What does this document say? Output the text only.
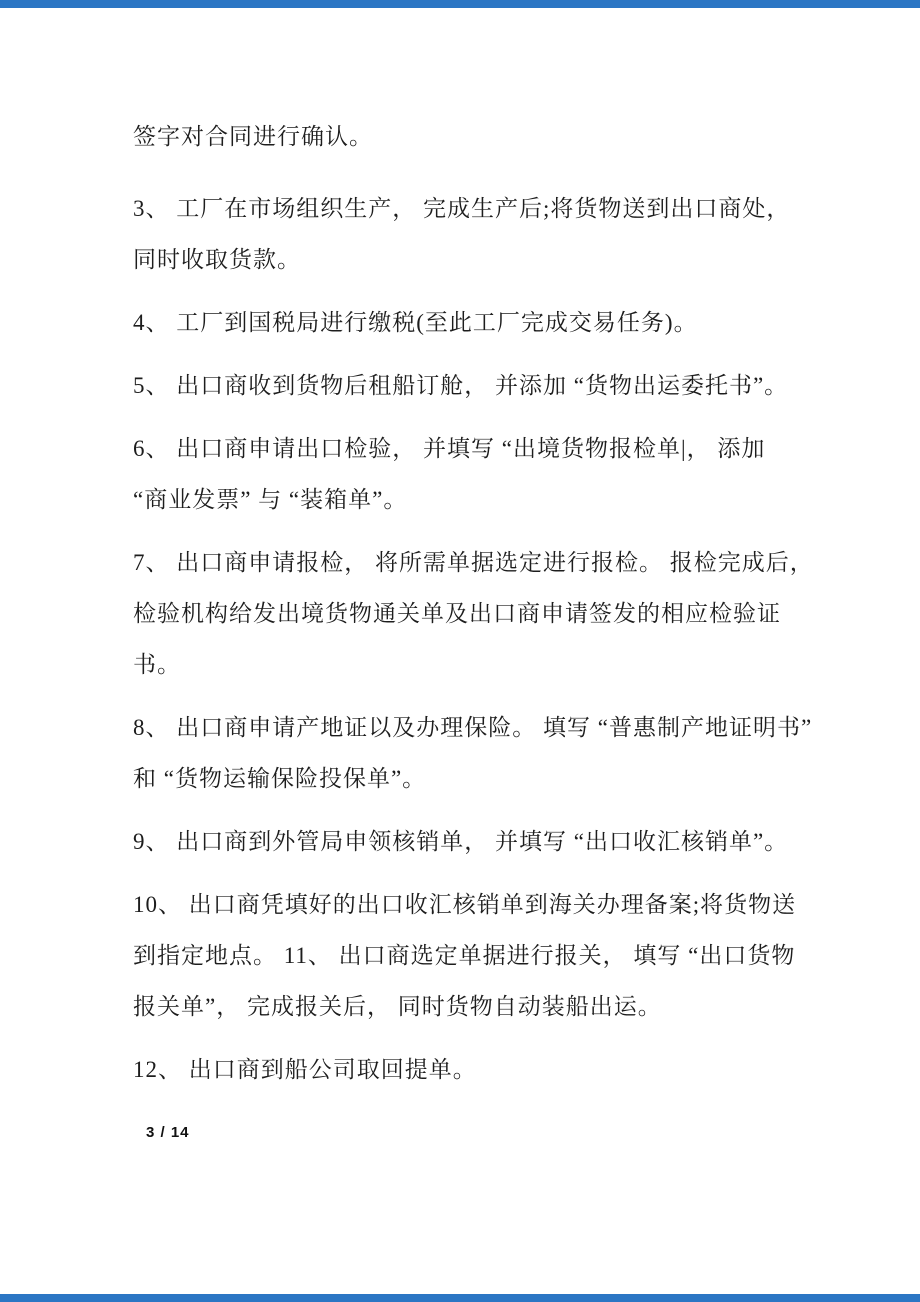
签字对合同进行确认。

3、 工厂在市场组织生产， 完成生产后;将货物送到出口商处，
同时收取货款。

4、 工厂到国税局进行缴税(至此工厂完成交易任务)。

5、 出口商收到货物后租船订舱， 并添加 “货物出运委托书”。

6、 出口商申请出口检验， 并填写 “出境货物报检单|， 添加
“商业发票” 与 “装箱单”。

7、 出口商申请报检， 将所需单据选定进行报检。 报检完成后，
检验机构给发出境货物通关单及出口商申请签发的相应检验证
书。

8、 出口商申请产地证以及办理保险。 填写 “普惠制产地证明书”
和 “货物运输保险投保单”。

9、 出口商到外管局申领核销单， 并填写 “出口收汇核销单”。

10、 出口商凭填好的出口收汇核销单到海关办理备案;将货物送
到指定地点。 11、 出口商选定单据进行报关， 填写 “出口货物
报关单”， 完成报关后， 同时货物自动装船出运。

12、 出口商到船公司取回提单。

3 / 14
